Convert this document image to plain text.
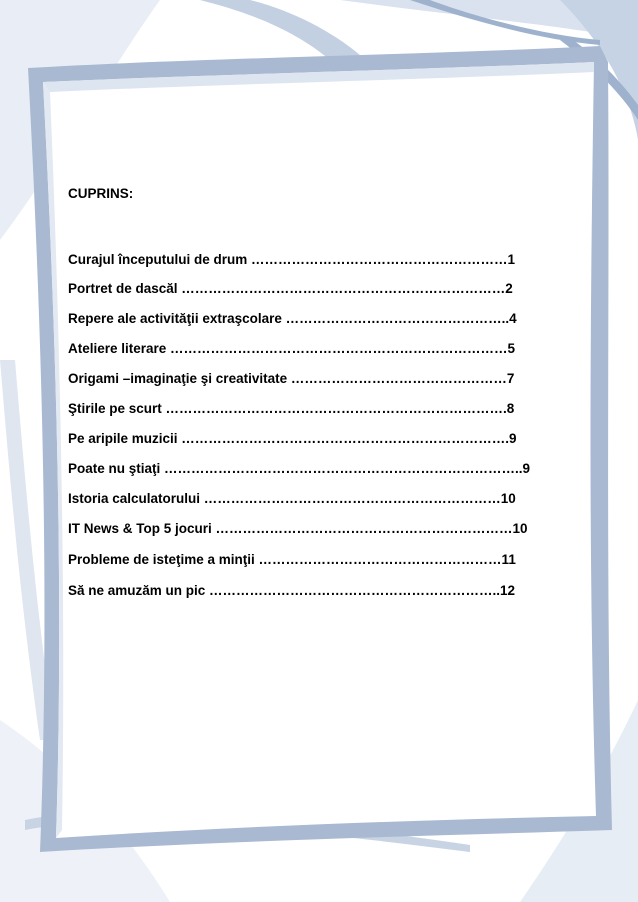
CUPRINS:
Curajul începutului de drum …………………………………………………1
Portret de dascăl ………………………………………………………………2
Repere ale activităţii extraşcolare …………………………………………..4
Ateliere literare …………………………………………………………………5
Origami –imaginaţie şi creativitate …………………………………………7
Ştirile pe scurt ………………………………………………………………….8
Pe aripile muzicii ……………………………………………………………….9
Poate nu ştiaţi ……………………………………………………………………..9
Istoria calculatorului …………………………………………………………10
IT News & Top 5 jocuri …………………………………………………………10
Probleme de isteţime a minţii ………………………………………………11
Să ne amuzăm un pic ………………………………………………………..12
